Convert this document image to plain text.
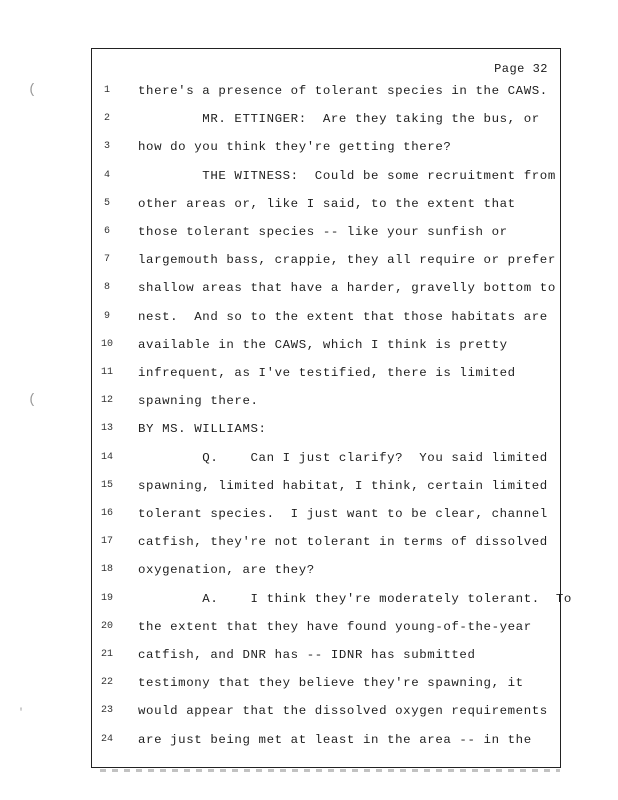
Page 32
(
(
'
1	there's a presence of tolerant species in the CAWS.
2	MR. ETTINGER:  Are they taking the bus, or
3	how do you think they're getting there?
4	THE WITNESS:  Could be some recruitment from
5	other areas or, like I said, to the extent that
6	those tolerant species -- like your sunfish or
7	largemouth bass, crappie, they all require or prefer
8	shallow areas that have a harder, gravelly bottom to
9	nest.  And so to the extent that those habitats are
10	available in the CAWS, which I think is pretty
11	infrequent, as I've testified, there is limited
12	spawning there.
13	BY MS. WILLIAMS:
14	Q.    Can I just clarify?  You said limited
15	spawning, limited habitat, I think, certain limited
16	tolerant species.  I just want to be clear, channel
17	catfish, they're not tolerant in terms of dissolved
18	oxygenation, are they?
19	A.    I think they're moderately tolerant.  To
20	the extent that they have found young-of-the-year
21	catfish, and DNR has -- IDNR has submitted
22	testimony that they believe they're spawning, it
23	would appear that the dissolved oxygen requirements
24	are just being met at least in the area -- in the
